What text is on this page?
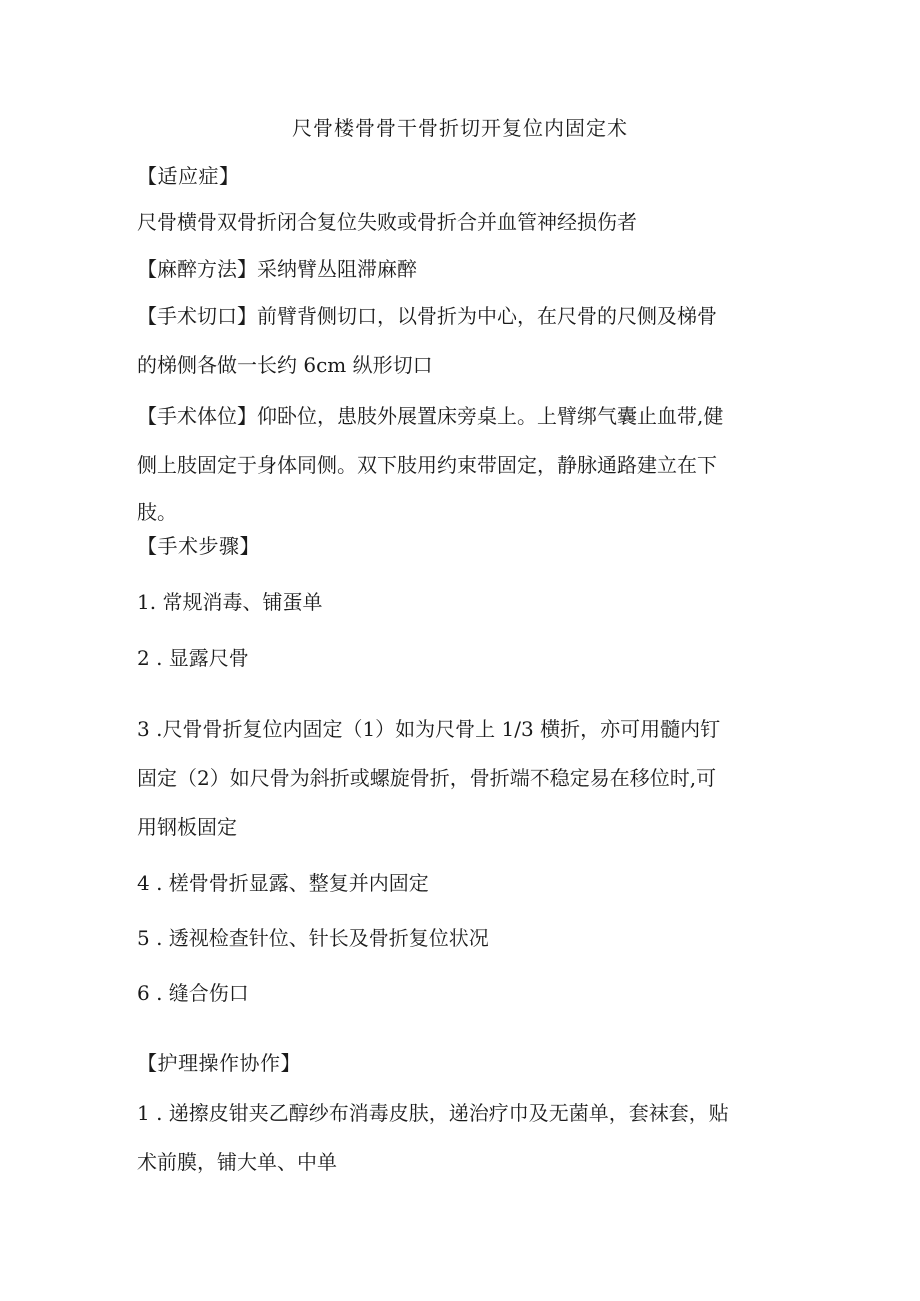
尺骨楼骨骨干骨折切开复位内固定术
【适应症】
尺骨横骨双骨折闭合复位失败或骨折合并血管神经损伤者
【麻醉方法】采纳臂丛阻滞麻醉
【手术切口】前臂背侧切口，以骨折为中心，在尺骨的尺侧及梯骨
的梯侧各做一长约 6cm 纵形切口
【手术体位】仰卧位，患肢外展置床旁桌上。上臂绑气囊止血带,健
侧上肢固定于身体同侧。双下肢用约束带固定，静脉通路建立在下
肢。
【手术步骤】
1. 常规消毒、铺蛋单
2 . 显露尺骨
3 .尺骨骨折复位内固定（1）如为尺骨上 1/3 横折，亦可用髓内钉
固定（2）如尺骨为斜折或螺旋骨折，骨折端不稳定易在移位时,可
用钢板固定
4 . 槎骨骨折显露、整复并内固定
5 . 透视检查针位、针长及骨折复位状况
6 . 缝合伤口
【护理操作协作】
1 . 递擦皮钳夹乙醇纱布消毒皮肤，递治疗巾及无菌单，套袜套，贴
术前膜，铺大单、中单
